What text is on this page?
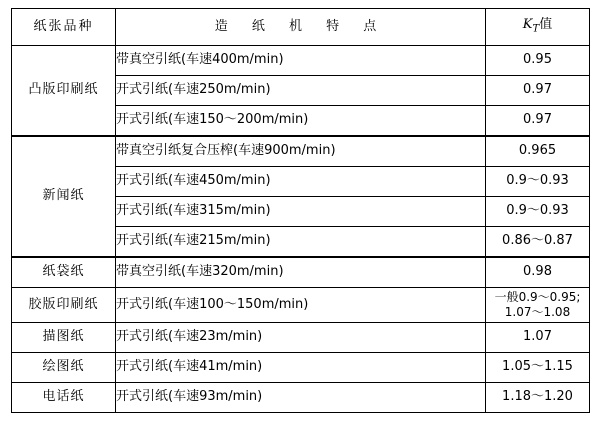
纸张品种	造 纸 机 特 点	$K_T$值
凸版印刷纸	带真空引纸(车速400m/min)	0.95
	开式引纸(车速250m/min)	0.97
	开式引纸(车速150～200m/min)	0.97
新闻纸	带真空引纸复合压榨(车速900m/min)	0.965
	开式引纸(车速450m/min)	0.9～0.93
	开式引纸(车速315m/min)	0.9～0.93
	开式引纸(车速215m/min)	0.86～0.87
纸袋纸	带真空引纸(车速320m/min)	0.98
胶版印刷纸	开式引纸(车速100～150m/min)	一般0.9～0.95;
1.07～1.08

描图纸	开式引纸(车速23m/min)	1.07
绘图纸	开式引纸(车速41m/min)	1.05～1.15
电话纸	开式引纸(车速93m/min)	1.18～1.20
